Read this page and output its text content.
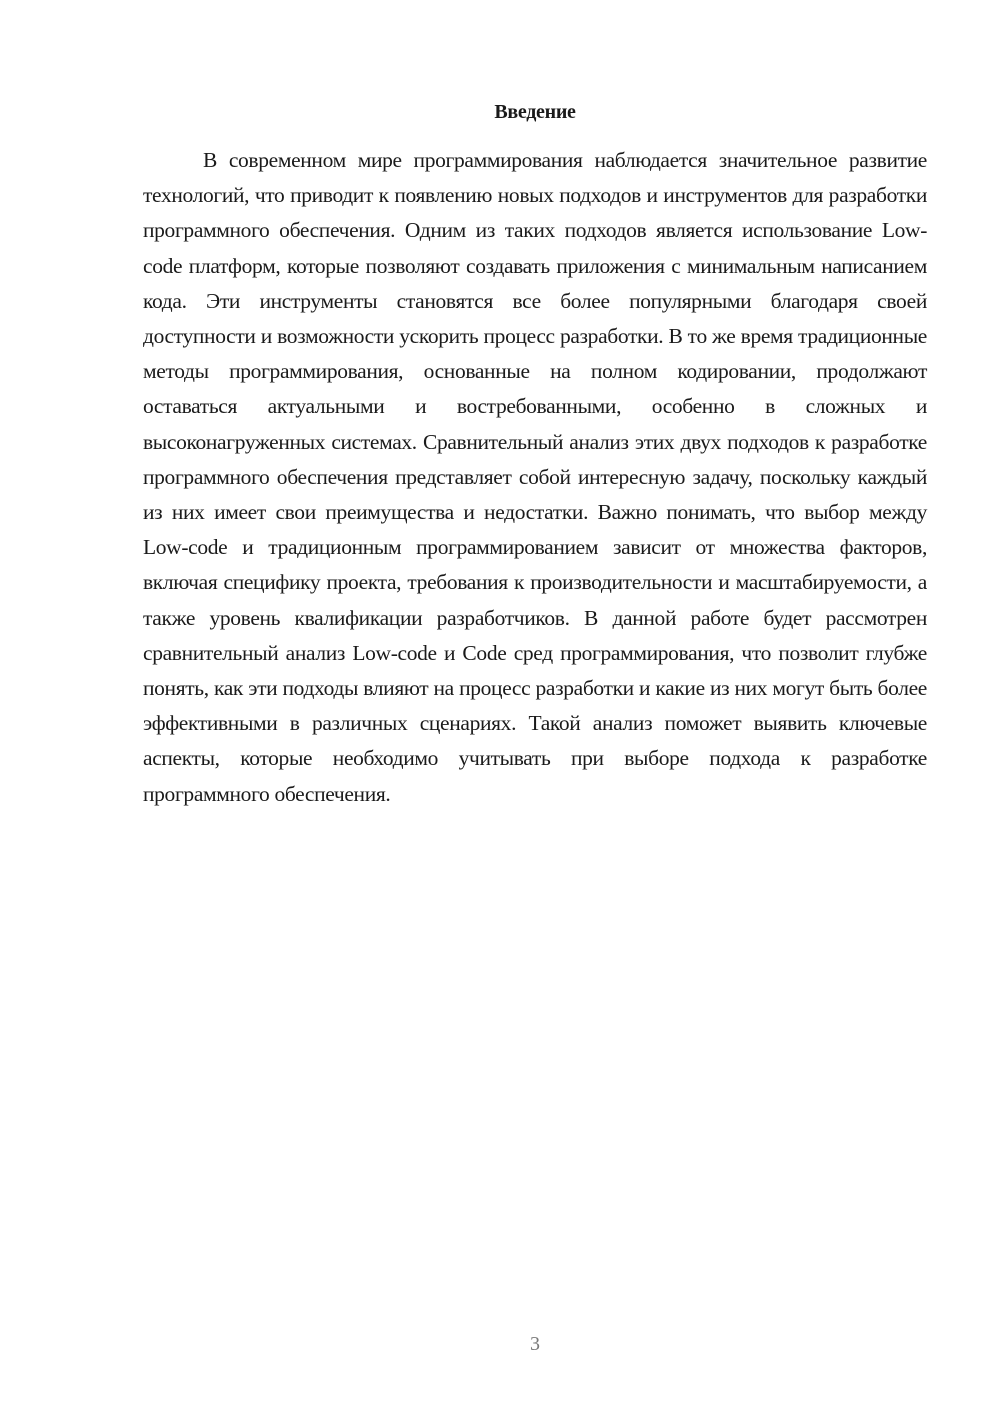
Введение

В современном мире программирования наблюдается значительное развитие технологий, что приводит к появлению новых подходов и инструментов для разработки программного обеспечения. Одним из таких подходов является использование Low-code платформ, которые позволяют создавать приложения с минимальным написанием кода. Эти инструменты становятся все более популярными благодаря своей доступности и возможности ускорить процесс разработки. В то же время традиционные методы программирования, основанные на полном кодировании, продолжают оставаться актуальными и востребованными, особенно в сложных и высоконагруженных системах. Сравнительный анализ этих двух подходов к разработке программного обеспечения представляет собой интересную задачу, поскольку каждый из них имеет свои преимущества и недостатки. Важно понимать, что выбор между Low-code и традиционным программированием зависит от множества факторов, включая специфику проекта, требования к производительности и масштабируемости, а также уровень квалификации разработчиков. В данной работе будет рассмотрен сравнительный анализ Low-code и Code сред программирования, что позволит глубже понять, как эти подходы влияют на процесс разработки и какие из них могут быть более эффективными в различных сценариях. Такой анализ поможет выявить ключевые аспекты, которые необходимо учитывать при выборе подхода к разработке программного обеспечения.

3
